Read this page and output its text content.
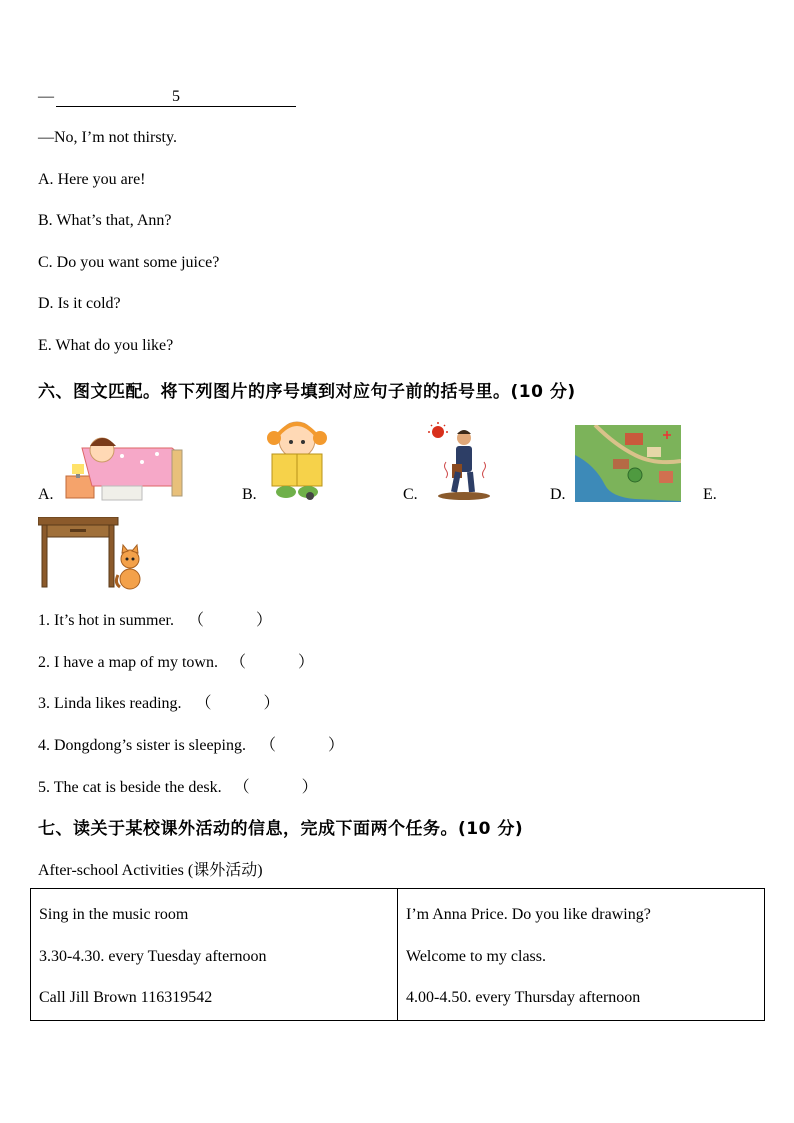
—	5
—No, I’m not thirsty.
A. Here you are!
B. What’s that, Ann?
C. Do you want some juice?
D. Is it cold?
E. What do you like?
六、图文匹配。将下列图片的序号填到对应句子前的括号里。(10 分)
A.	B.	C.	D.	E.
1. It’s hot in summer. （	）
2. I have a map of my town. （	）
3. Linda likes reading. （	）
4. Dongdong’s sister is sleeping. （	）
5. The cat is beside the desk. （	）
七、读关于某校课外活动的信息，完成下面两个任务。(10 分)
After-school Activities (课外活动)
Sing in the music room
3.30-4.30. every Tuesday afternoon
Call Jill Brown 116319542

I’m Anna Price. Do you like drawing?
Welcome to my class.
4.00-4.50. every Thursday afternoon
